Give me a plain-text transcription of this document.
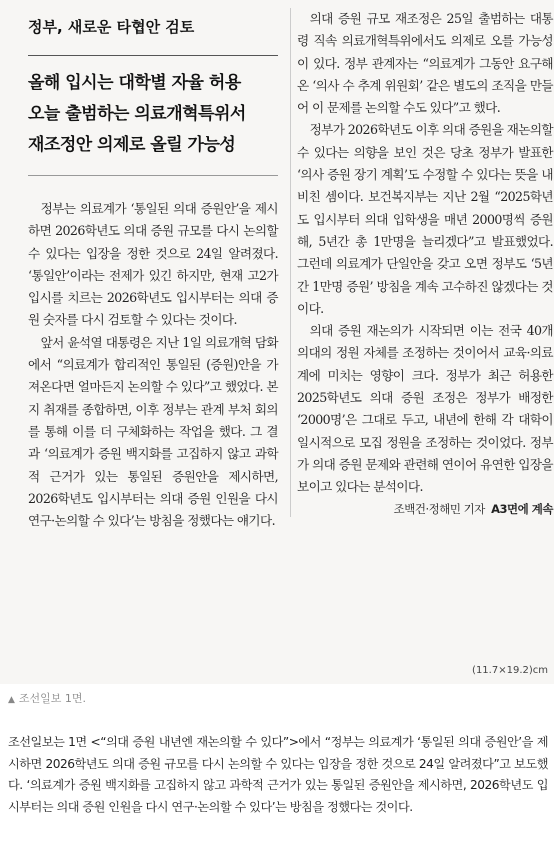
정부, 새로운 타협안 검토

올해 입시는 대학별 자율 허용

오늘 출범하는 의료개혁특위서

재조정안 의제로 올릴 가능성

정부는 의료계가 ‘통일된 의대 증원안’을 제시하면 2026학년도 의대 증원 규모를 다시 논의할 수 있다는 입장을 정한 것으로 24일 알려졌다. ‘통일안’이라는 전제가 있긴 하지만, 현재 고2가 입시를 치르는 2026학년도 입시부터는 의대 증원 숫자를 다시 검토할 수 있다는 것이다.

앞서 윤석열 대통령은 지난 1일 의료개혁 담화에서 “의료계가 합리적인 통일된 (증원)안을 가져온다면 얼마든지 논의할 수 있다”고 했었다. 본지 취재를 종합하면, 이후 정부는 관계 부처 회의를 통해 이를 더 구체화하는 작업을 했다. 그 결과 ‘의료계가 증원 백지화를 고집하지 않고 과학적 근거가 있는 통일된 증원안을 제시하면, 2026학년도 입시부터는 의대 증원 인원을 다시 연구·논의할 수 있다’는 방침을 정했다는 얘기다.

의대 증원 규모 재조정은 25일 출범하는 대통령 직속 의료개혁특위에서도 의제로 오를 가능성이 있다. 정부 관계자는 “의료계가 그동안 요구해온 ‘의사 수 추계 위원회’ 같은 별도의 조직을 만들어 이 문제를 논의할 수도 있다”고 했다.

정부가 2026학년도 이후 의대 증원을 재논의할 수 있다는 의향을 보인 것은 당초 정부가 발표한 ‘의사 증원 장기 계획’도 수정할 수 있다는 뜻을 내비친 셈이다. 보건복지부는 지난 2월 “2025학년도 입시부터 의대 입학생을 매년 2000명씩 증원해, 5년간 총 1만명을 늘리겠다”고 발표했었다. 그런데 의료계가 단일안을 갖고 오면 정부도 ‘5년간 1만명 증원’ 방침을 계속 고수하진 않겠다는 것이다.

의대 증원 재논의가 시작되면 이는 전국 40개 의대의 정원 자체를 조정하는 것이어서 교육·의료계에 미치는 영향이 크다. 정부가 최근 허용한 2025학년도 의대 증원 조정은 정부가 배정한 ‘2000명’은 그대로 두고, 내년에 한해 각 대학이 일시적으로 모집 정원을 조정하는 것이었다. 정부가 의대 증원 문제와 관련해 연이어 유연한 입장을 보이고 있다는 분석이다.

조백건·정해민 기자 A3면에 계속
(11.7×19.2)cm
▲ 조선일보 1면.

조선일보는 1면 <“의대 증원 내년엔 재논의할 수 있다”>에서 “정부는 의료계가 ‘통일된 의대 증원안’을 제시하면 2026학년도 의대 증원 규모를 다시 논의할 수 있다는 입장을 정한 것으로 24일 알려졌다”고 보도했다. ‘의료계가 증원 백지화를 고집하지 않고 과학적 근거가 있는 통일된 증원안을 제시하면, 2026학년도 입시부터는 의대 증원 인원을 다시 연구·논의할 수 있다’는 방침을 정했다는 것이다.
